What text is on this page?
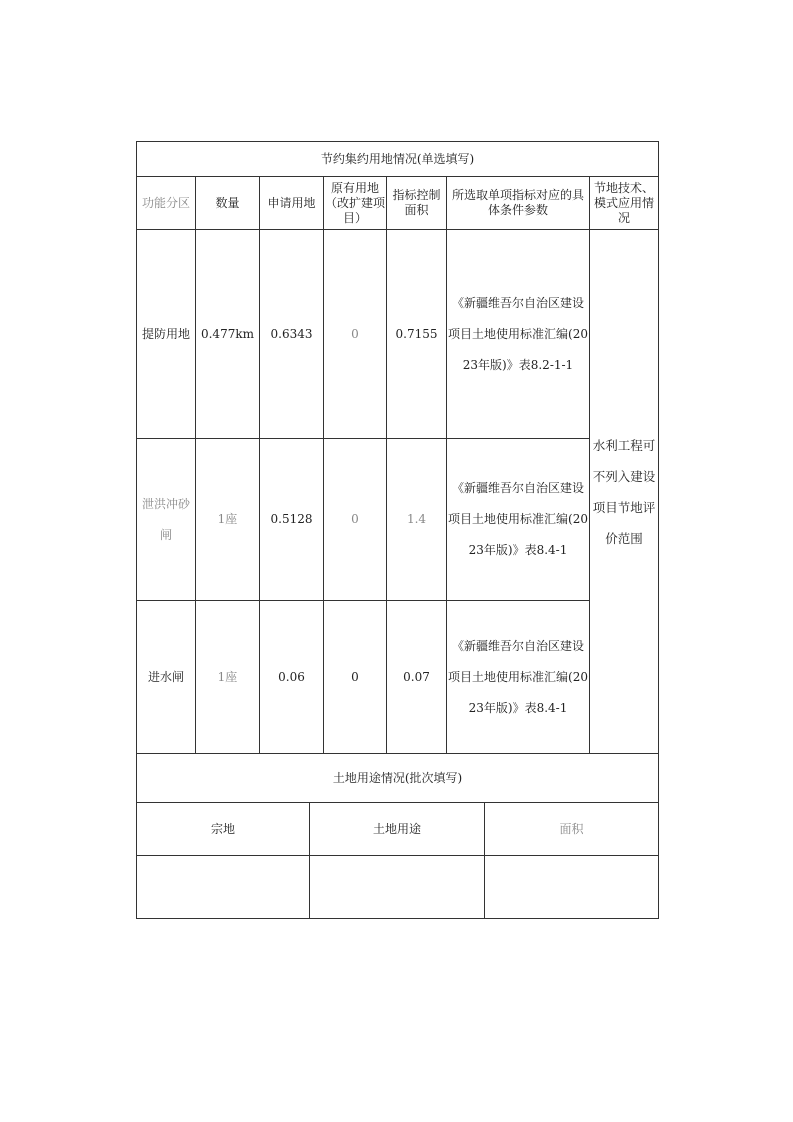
节约集约用地情况(单选填写)						
功能分区	数量	申请用地	原有用地（改扩建项目）	指标控制面积	所选取单项指标对应的具体条件参数	节地技术、模式应用情况
提防用地	0.477km	0.6343	0	0.7155	《新疆维吾尔自治区建设项目土地使用标准汇编(2023年版)》表8.2-1-1	水利工程可不列入建设项目节地评价范围
泄洪冲砂闸	1座	0.5128	0	1.4	《新疆维吾尔自治区建设项目土地使用标准汇编(2023年版)》表8.4-1	
进水闸	1座	0.06	0	0.07	《新疆维吾尔自治区建设项目土地使用标准汇编(2023年版)》表8.4-1	
土地用途情况(批次填写)		
宗地	土地用途	面积
